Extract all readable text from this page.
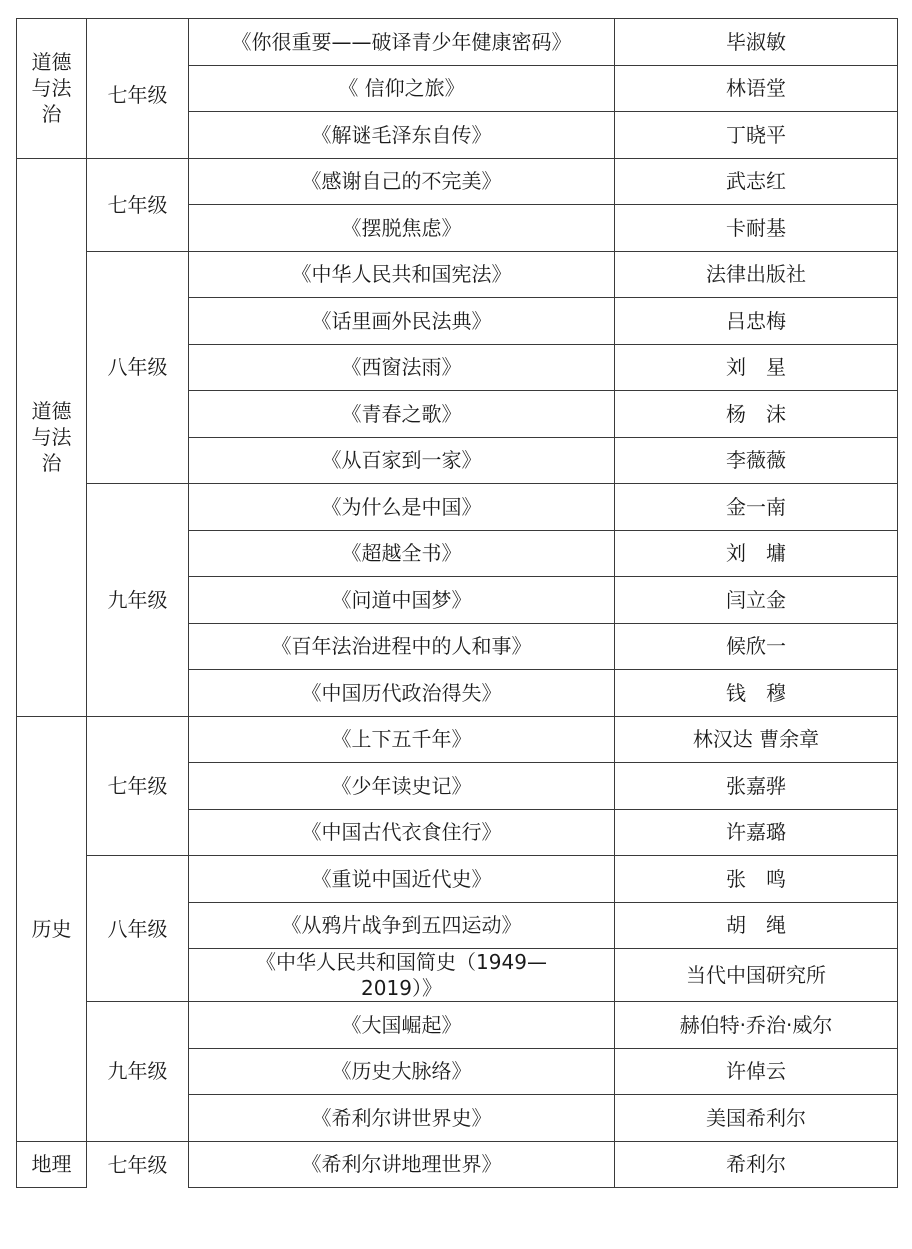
道德
与法
治	七年级	《你很重要——破译青少年健康密码》	毕淑敏
		《 信仰之旅》	林语堂
		《解谜毛泽东自传》	丁晓平
道德
与法
治	七年级	《感谢自己的不完美》	武志红
		《摆脱焦虑》	卡耐基
	八年级	《中华人民共和国宪法》	法律出版社
		《话里画外民法典》	吕忠梅
		《西窗法雨》	刘　星
		《青春之歌》	杨　沫
		《从百家到一家》	李薇薇
	九年级	《为什么是中国》	金一南
		《超越全书》	刘　墉
		《问道中国梦》	闫立金
		《百年法治进程中的人和事》	候欣一
		《中国历代政治得失》	钱　穆
历史	七年级	《上下五千年》	林汉达 曹余章
		《少年读史记》	张嘉骅
		《中国古代衣食住行》	许嘉璐
	八年级	《重说中国近代史》	张　鸣
		《从鸦片战争到五四运动》	胡　绳
		《中华人民共和国简史（1949—2019）》	当代中国研究所
	九年级	《大国崛起》	赫伯特·乔治·威尔
		《历史大脉络》	许倬云
		《希利尔讲世界史》	美国希利尔
地理	七年级	《希利尔讲地理世界》	希利尔
